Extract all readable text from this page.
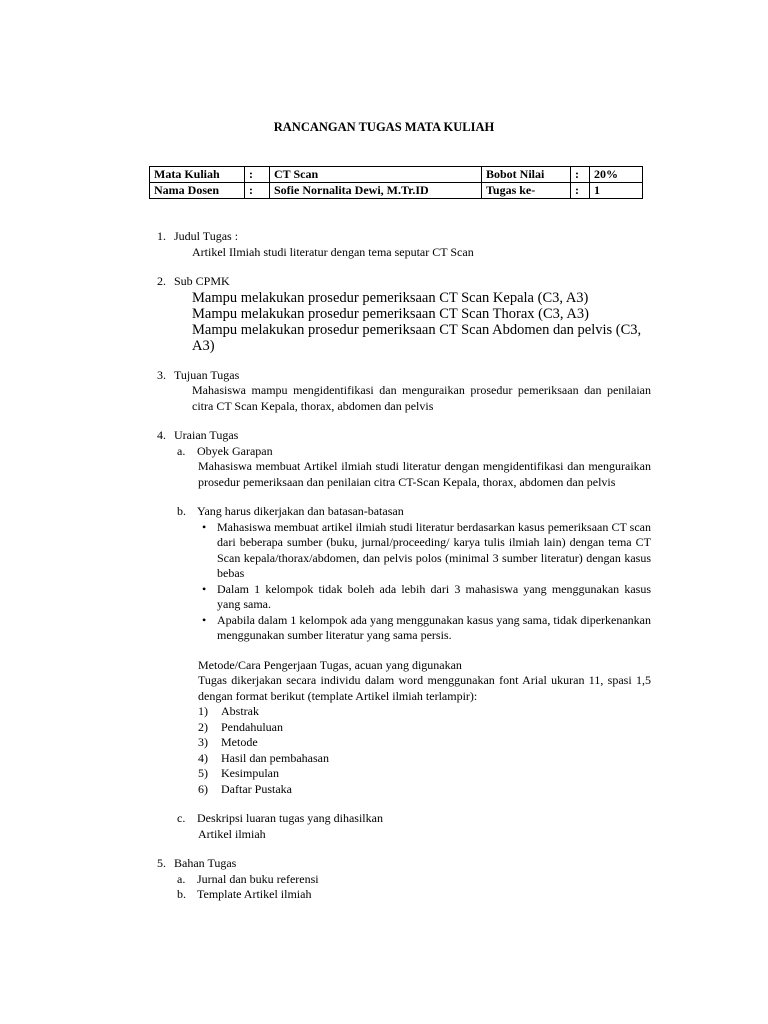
RANCANGAN TUGAS MATA KULIAH
Mata Kuliah	:	CT Scan	Bobot Nilai	:	20%
Nama Dosen	:	Sofie Nornalita Dewi, M.Tr.ID	Tugas ke-	:	1
1. Judul Tugas :
Artikel Ilmiah studi literatur dengan tema seputar CT Scan
2. Sub CPMK
Mampu melakukan prosedur pemeriksaan CT Scan Kepala (C3, A3)
Mampu melakukan prosedur pemeriksaan CT Scan Thorax (C3, A3)
Mampu melakukan prosedur pemeriksaan CT Scan Abdomen dan pelvis (C3, A3)
3. Tujuan Tugas
Mahasiswa mampu mengidentifikasi dan menguraikan prosedur pemeriksaan dan penilaian citra CT Scan Kepala, thorax, abdomen dan pelvis
4. Uraian Tugas
a. Obyek Garapan
Mahasiswa membuat Artikel ilmiah studi literatur dengan mengidentifikasi dan menguraikan prosedur pemeriksaan dan penilaian citra CT-Scan Kepala, thorax, abdomen dan pelvis
b. Yang harus dikerjakan dan batasan-batasan
• Mahasiswa membuat artikel ilmiah studi literatur berdasarkan kasus pemeriksaan CT scan dari beberapa sumber (buku, jurnal/proceeding/ karya tulis ilmiah lain) dengan tema CT Scan kepala/thorax/abdomen, dan pelvis polos (minimal 3 sumber literatur) dengan kasus bebas
• Dalam 1 kelompok tidak boleh ada lebih dari 3 mahasiswa yang menggunakan kasus yang sama.
• Apabila dalam 1 kelompok ada yang menggunakan kasus yang sama, tidak diperkenankan menggunakan sumber literatur yang sama persis.
Metode/Cara Pengerjaan Tugas, acuan yang digunakan
Tugas dikerjakan secara individu dalam word menggunakan font Arial ukuran 11, spasi 1,5 dengan format berikut (template Artikel ilmiah terlampir):
1) Abstrak
2) Pendahuluan
3) Metode
4) Hasil dan pembahasan
5) Kesimpulan
6) Daftar Pustaka
c. Deskripsi luaran tugas yang dihasilkan
Artikel ilmiah
5. Bahan Tugas
a. Jurnal dan buku referensi
b. Template Artikel ilmiah
